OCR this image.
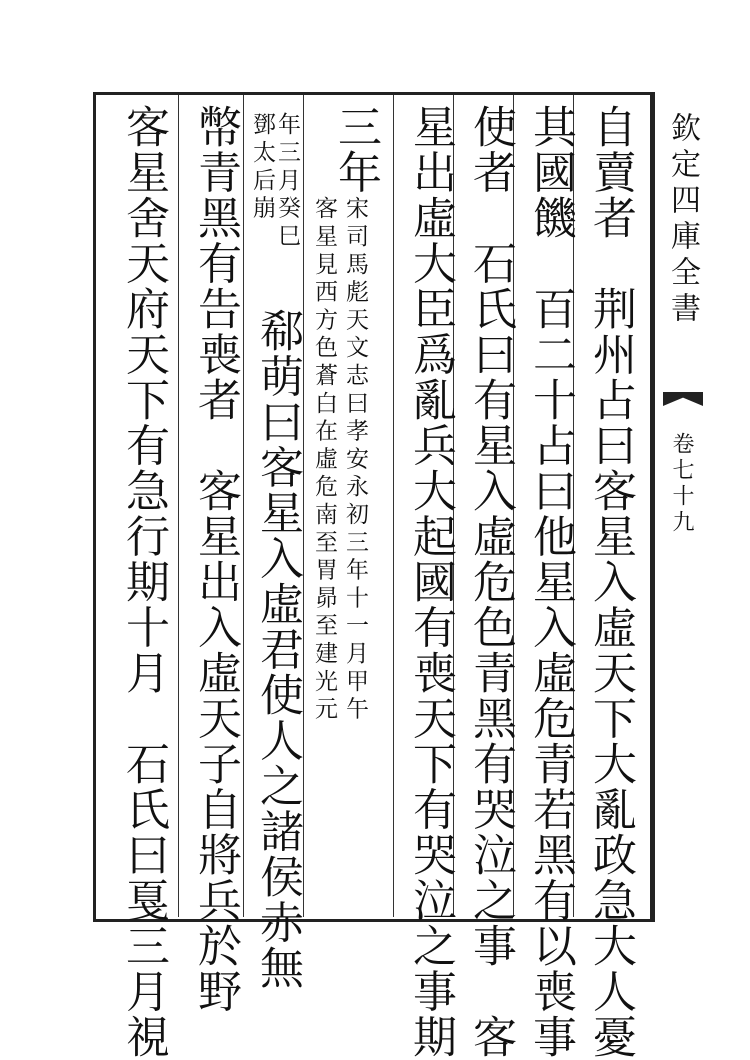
欽定四庫全書
卷七十九
自賣者　荆州占曰客星入虛天下大亂政急大人憂
其國饑　百二十占曰他星入虛危青若黑有以喪事
使者　石氏曰有星入虛危色青黑有哭泣之事　客
星出虛大臣爲亂兵大起國有喪天下有哭泣之事期
三年
宋司馬彪天文志曰孝安永初三年十一月甲午
客星見西方色蒼白在虛危南至胃昴至建光元
年三月癸巳
鄧太后崩
郗萌曰客星入虛君使人之諸侯赤無
幣青黑有告喪者　客星出入虛天子自將兵於野
客星舍天府天下有急行期十月　石氏曰戛三月視
